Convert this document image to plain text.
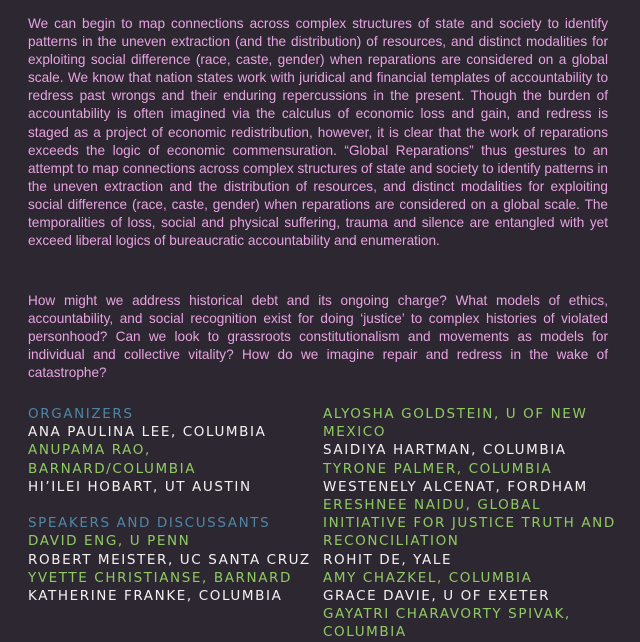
We can begin to map connections across complex structures of state and society to identify patterns in the uneven extraction (and the distribution) of resources, and distinct modalities for exploiting social difference (race, caste, gender) when reparations are considered on a global scale. We know that nation states work with juridical and financial templates of accountability to redress past wrongs and their enduring repercussions in the present. Though the burden of accountability is often imagined via the calculus of economic loss and gain, and redress is staged as a project of economic redistribution, however, it is clear that the work of reparations exceeds the logic of economic commensuration. “Global Reparations” thus gestures to an attempt to map connections across complex structures of state and society to identify patterns in the uneven extraction and the distribution of resources, and distinct modalities for exploiting social difference (race, caste, gender) when reparations are considered on a global scale. The temporalities of loss, social and physical suffering, trauma and silence are entangled with yet exceed liberal logics of bureaucratic accountability and enumeration.

How might we address historical debt and its ongoing charge? What models of ethics, accountability, and social recognition exist for doing ‘justice’ to complex histories of violated personhood? Can we look to grassroots constitutionalism and movements as models for individual and collective vitality? How do we imagine repair and redress in the wake of catastrophe?

ORGANIZERS

ANA PAULINA LEE, COLUMBIA

ANUPAMA RAO, BARNARD/COLUMBIA

HI’ILEI HOBART, UT AUSTIN

SPEAKERS AND DISCUSSANTS

DAVID ENG, U PENN

ROBERT MEISTER, UC SANTA CRUZ

YVETTE CHRISTIANSE, BARNARD

KATHERINE FRANKE, COLUMBIA

ALYOSHA GOLDSTEIN, U OF NEW MEXICO

SAIDIYA HARTMAN, COLUMBIA

TYRONE PALMER, COLUMBIA

WESTENELY ALCENAT, FORDHAM

ERESHNEE NAIDU, GLOBAL INITIATIVE FOR JUSTICE TRUTH AND RECONCILIATION

ROHIT DE, YALE

AMY CHAZKEL, COLUMBIA

GRACE DAVIE, U OF EXETER

GAYATRI CHARAVORTY SPIVAK, COLUMBIA
